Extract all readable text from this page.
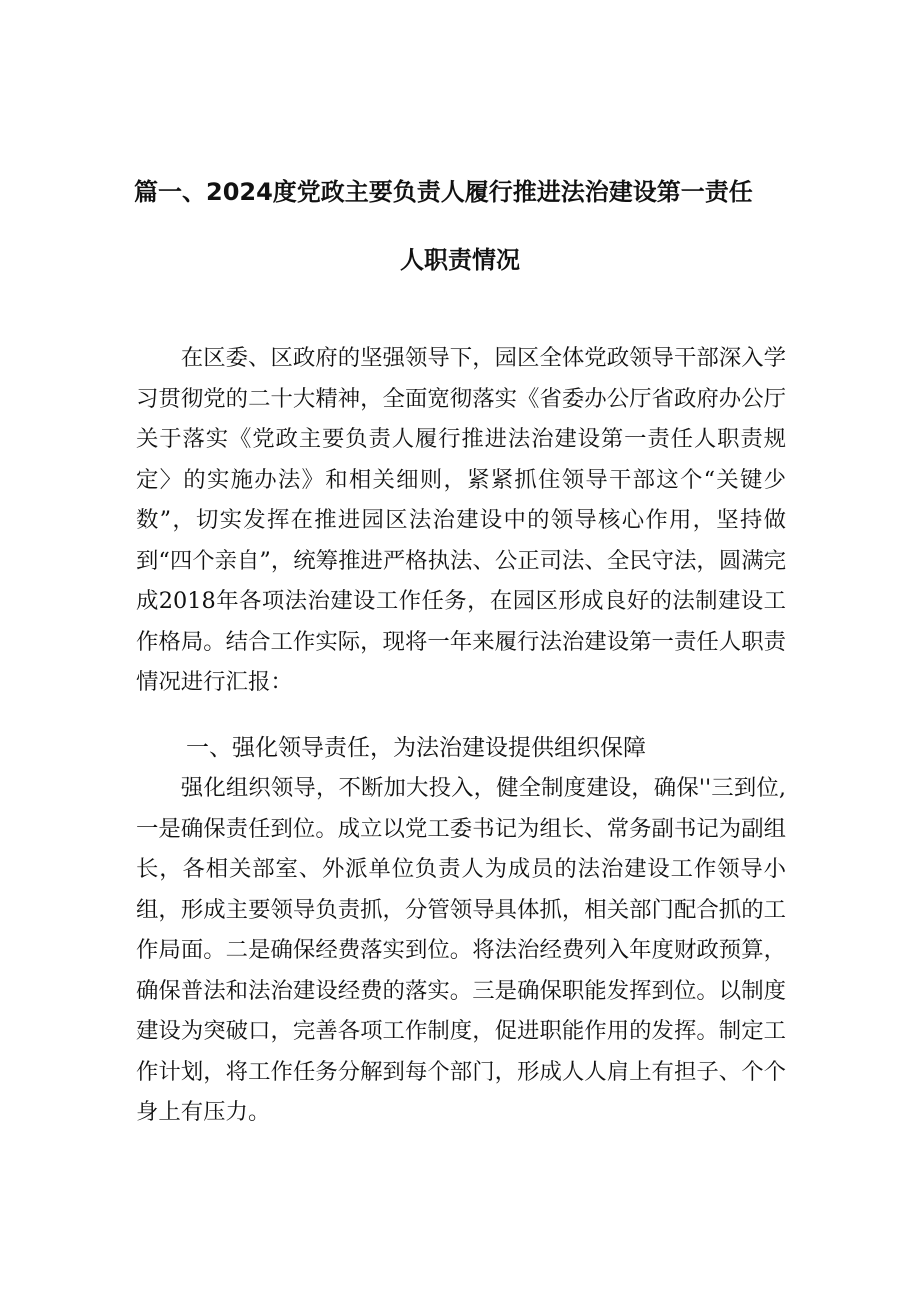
篇一、2024度党政主要负责人履行推进法治建设第一责任
人职责情况

在区委、区政府的坚强领导下，园区全体党政领导干部深入学习贯彻党的二十大精神，全面宽彻落实《省委办公厅省政府办公厅关于落实《党政主要负责人履行推进法治建设第一责任人职责规定〉的实施办法》和相关细则，紧紧抓住领导干部这个“关键少数”，切实发挥在推进园区法治建设中的领导核心作用，坚持做到“四个亲自”，统筹推进严格执法、公正司法、全民守法，圆满完成2018年各项法治建设工作任务，在园区形成良好的法制建设工作格局。结合工作实际，现将一年来履行法治建设第一责任人职责情况进行汇报：

一、强化领导责任，为法治建设提供组织保障

强化组织领导，不断加大投入，健全制度建设，确保''三到位,一是确保责任到位。成立以党工委书记为组长、常务副书记为副组长，各相关部室、外派单位负责人为成员的法治建设工作领导小组，形成主要领导负责抓，分管领导具体抓，相关部门配合抓的工作局面。二是确保经费落实到位。将法治经费列入年度财政预算，确保普法和法治建设经费的落实。三是确保职能发挥到位。以制度建设为突破口，完善各项工作制度，促进职能作用的发挥。制定工作计划，将工作任务分解到每个部门，形成人人肩上有担子、个个身上有压力。
